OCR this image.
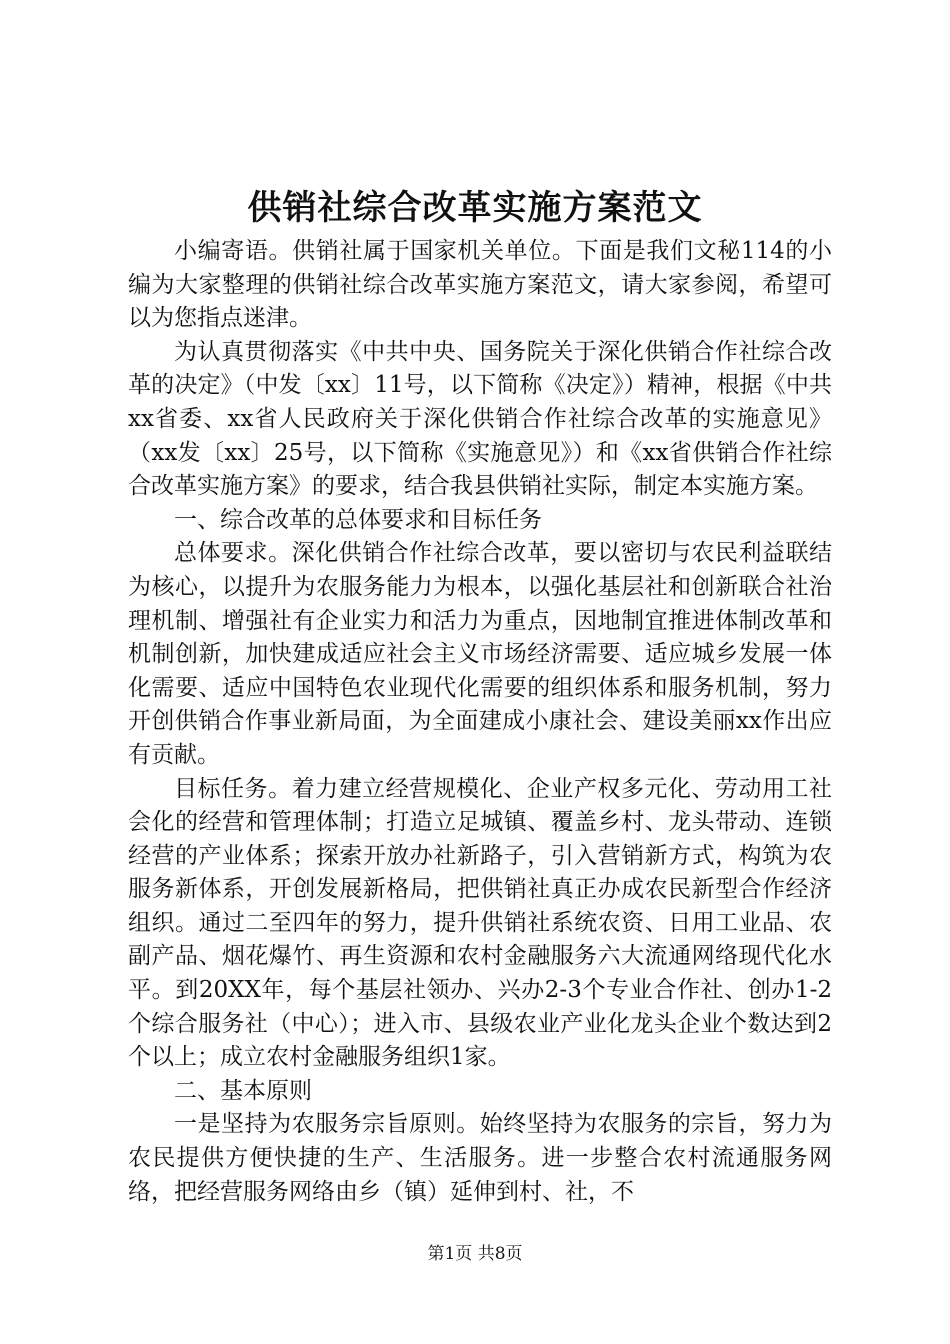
供销社综合改革实施方案范文

小编寄语。供销社属于国家机关单位。下面是我们文秘114的小编为大家整理的供销社综合改革实施方案范文，请大家参阅，希望可以为您指点迷津。

为认真贯彻落实《中共中央、国务院关于深化供销合作社综合改革的决定》（中发〔xx〕11号，以下简称《决定》）精神，根据《中共xx省委、xx省人民政府关于深化供销合作社综合改革的实施意见》（xx发〔xx〕25号，以下简称《实施意见》）和《xx省供销合作社综合改革实施方案》的要求，结合我县供销社实际，制定本实施方案。

一、综合改革的总体要求和目标任务

总体要求。深化供销合作社综合改革，要以密切与农民利益联结为核心，以提升为农服务能力为根本，以强化基层社和创新联合社治理机制、增强社有企业实力和活力为重点，因地制宜推进体制改革和机制创新，加快建成适应社会主义市场经济需要、适应城乡发展一体化需要、适应中国特色农业现代化需要的组织体系和服务机制，努力开创供销合作事业新局面，为全面建成小康社会、建设美丽xx作出应有贡献。

目标任务。着力建立经营规模化、企业产权多元化、劳动用工社会化的经营和管理体制；打造立足城镇、覆盖乡村、龙头带动、连锁经营的产业体系；探索开放办社新路子，引入营销新方式，构筑为农服务新体系，开创发展新格局，把供销社真正办成农民新型合作经济组织。通过二至四年的努力，提升供销社系统农资、日用工业品、农副产品、烟花爆竹、再生资源和农村金融服务六大流通网络现代化水平。到20XX年，每个基层社领办、兴办2-3个专业合作社、创办1-2个综合服务社（中心）；进入市、县级农业产业化龙头企业个数达到2个以上；成立农村金融服务组织1家。

二、基本原则

一是坚持为农服务宗旨原则。始终坚持为农服务的宗旨，努力为农民提供方便快捷的生产、生活服务。进一步整合农村流通服务网络，把经营服务网络由乡（镇）延伸到村、社，不

第1页 共8页
